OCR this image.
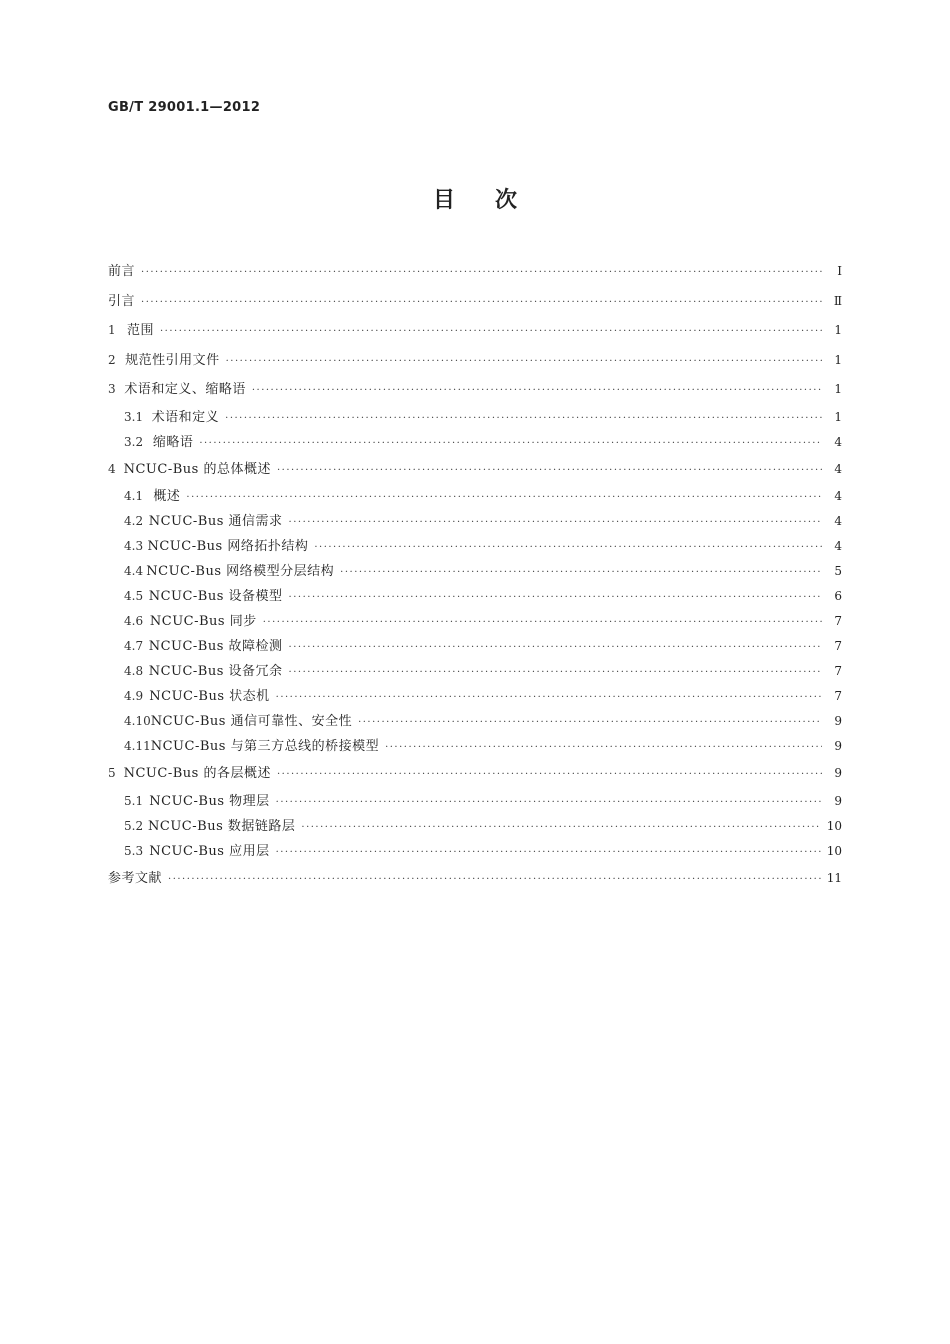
GB/T 29001.1—2012
目次
前言 ·····	Ⅰ
引言 ·····	Ⅱ
1 范围 ·····	1
2 规范性引用文件 ·····	1
3 术语和定义、缩略语 ·····	1
3.1 术语和定义 ·····	1
3.2 缩略语 ·····	4
4 NCUC-Bus 的总体概述 ·····	4
4.1 概述 ·····	4
4.2 NCUC-Bus 通信需求 ·····	4
4.3 NCUC-Bus 网络拓扑结构 ·····	4
4.4 NCUC-Bus 网络模型分层结构 ·····	5
4.5 NCUC-Bus 设备模型 ·····	6
4.6 NCUC-Bus 同步 ·····	7
4.7 NCUC-Bus 故障检测 ·····	7
4.8 NCUC-Bus 设备冗余 ·····	7
4.9 NCUC-Bus 状态机 ·····	7
4.10 NCUC-Bus 通信可靠性、安全性 ·····	9
4.11 NCUC-Bus 与第三方总线的桥接模型 ·····	9
5 NCUC-Bus 的各层概述 ·····	9
5.1 NCUC-Bus 物理层 ·····	9
5.2 NCUC-Bus 数据链路层 ·····	10
5.3 NCUC-Bus 应用层 ·····	10
参考文献 ·····	11
